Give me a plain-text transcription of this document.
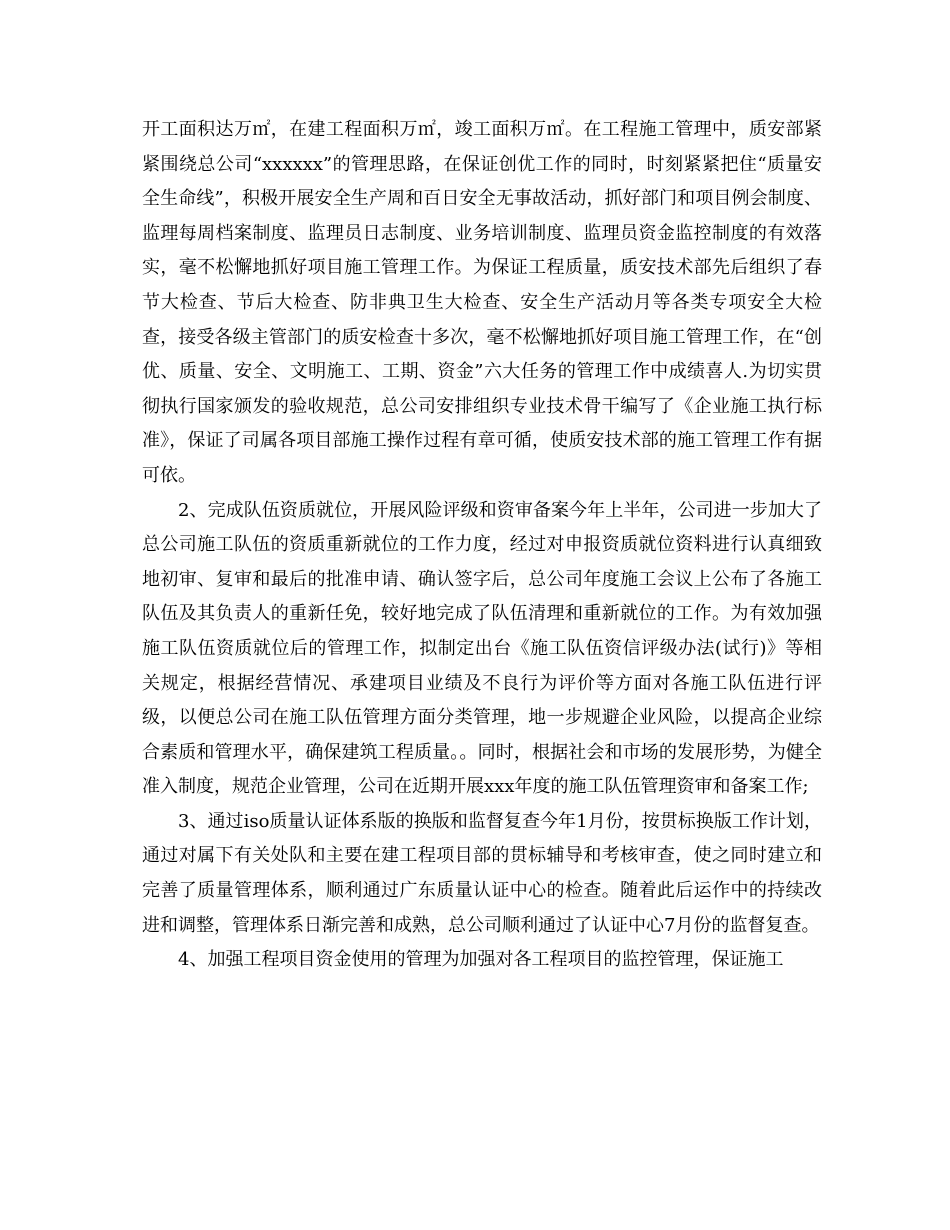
开工面积达万㎡，在建工程面积万㎡，竣工面积万㎡。在工程施工管理中，质安部紧紧围绕总公司“xxxxxx”的管理思路，在保证创优工作的同时，时刻紧紧把住“质量安全生命线”，积极开展安全生产周和百日安全无事故活动，抓好部门和项目例会制度、监理每周档案制度、监理员日志制度、业务培训制度、监理员资金监控制度的有效落实，毫不松懈地抓好项目施工管理工作。为保证工程质量，质安技术部先后组织了春节大检查、节后大检查、防非典卫生大检查、安全生产活动月等各类专项安全大检查，接受各级主管部门的质安检查十多次，毫不松懈地抓好项目施工管理工作，在“创优、质量、安全、文明施工、工期、资金”六大任务的管理工作中成绩喜人.为切实贯彻执行国家颁发的验收规范，总公司安排组织专业技术骨干编写了《企业施工执行标准》，保证了司属各项目部施工操作过程有章可循，使质安技术部的施工管理工作有据可依。

2、完成队伍资质就位，开展风险评级和资审备案今年上半年，公司进一步加大了总公司施工队伍的资质重新就位的工作力度，经过对申报资质就位资料进行认真细致地初审、复审和最后的批准申请、确认签字后，总公司年度施工会议上公布了各施工队伍及其负责人的重新任免，较好地完成了队伍清理和重新就位的工作。为有效加强施工队伍资质就位后的管理工作，拟制定出台《施工队伍资信评级办法(试行)》等相关规定，根据经营情况、承建项目业绩及不良行为评价等方面对各施工队伍进行评级，以便总公司在施工队伍管理方面分类管理，地一步规避企业风险，以提高企业综合素质和管理水平，确保建筑工程质量。。同时，根据社会和市场的发展形势，为健全准入制度，规范企业管理，公司在近期开展xxx年度的施工队伍管理资审和备案工作;

3、通过iso质量认证体系版的换版和监督复查今年1月份，按贯标换版工作计划，通过对属下有关处队和主要在建工程项目部的贯标辅导和考核审查，使之同时建立和完善了质量管理体系，顺利通过广东质量认证中心的检查。随着此后运作中的持续改进和调整，管理体系日渐完善和成熟，总公司顺利通过了认证中心7月份的监督复查。

4、加强工程项目资金使用的管理为加强对各工程项目的监控管理，保证施工
